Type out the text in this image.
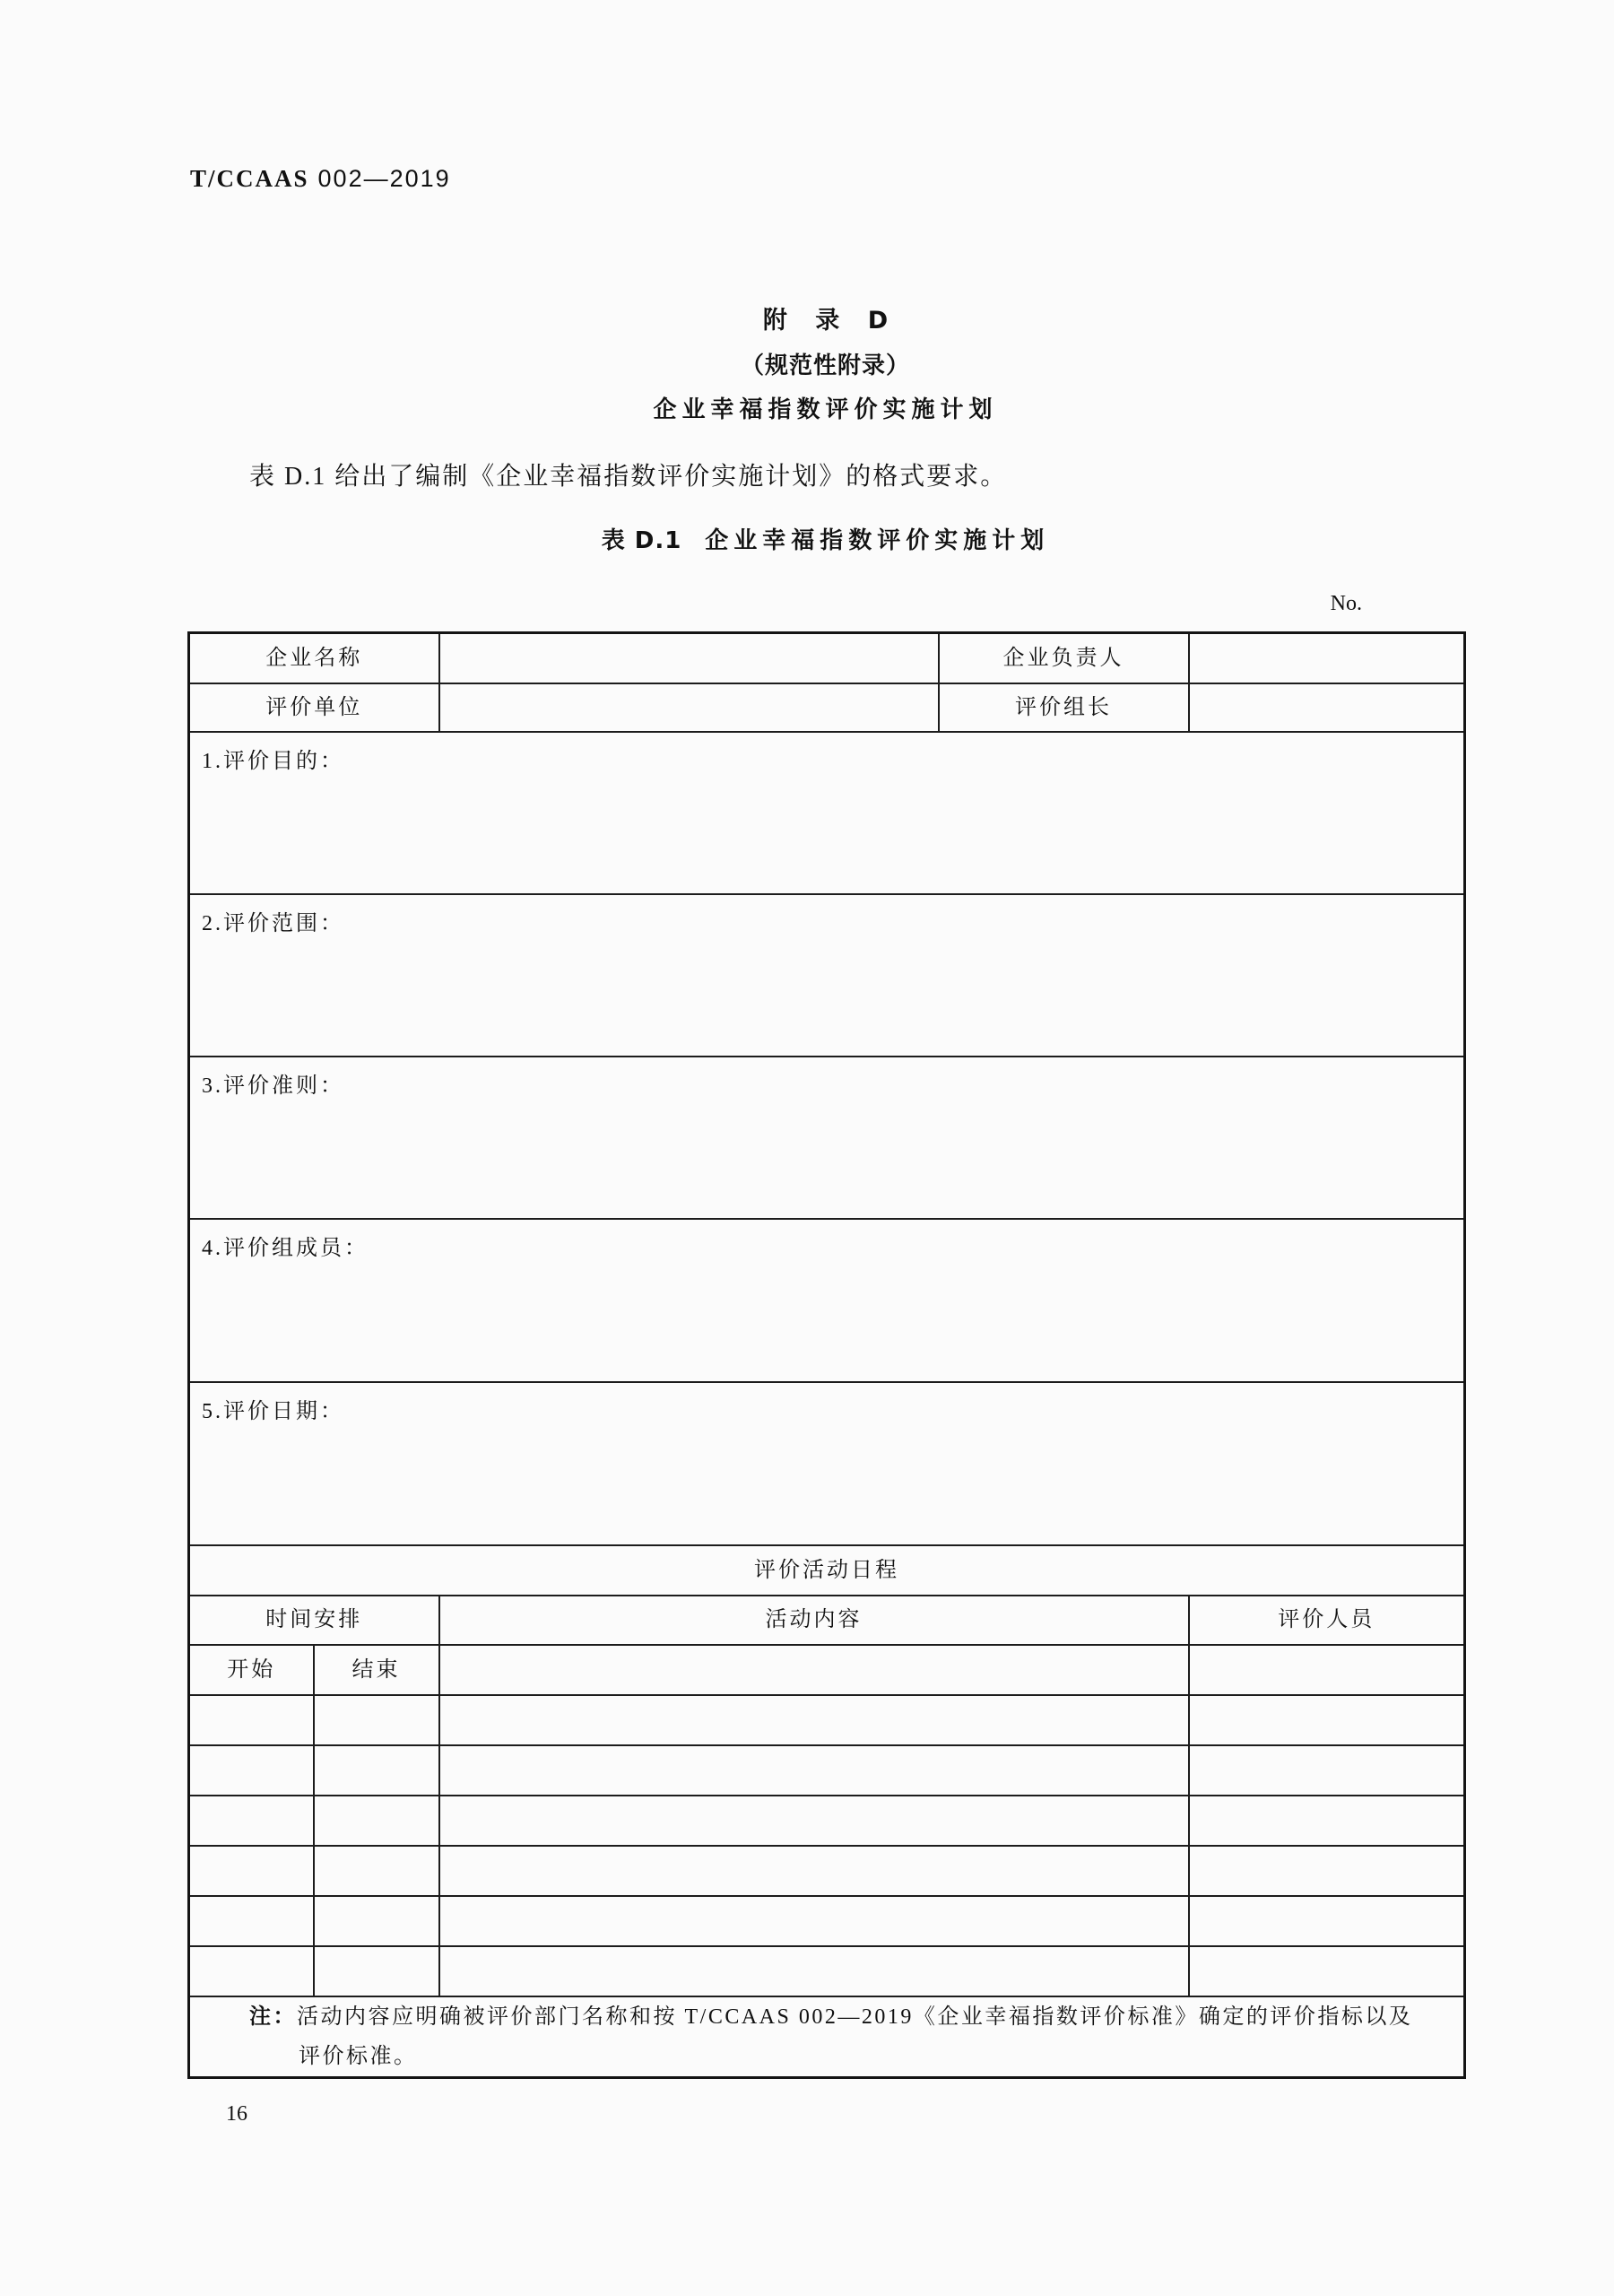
T/CCAAS 002—2019
附 录 D
（规范性附录）
企业幸福指数评价实施计划
表 D.1 给出了编制《企业幸福指数评价实施计划》的格式要求。
表 D.1 企业幸福指数评价实施计划
No.
企业名称			企业负责人	
评价单位			评价组长	

1.评价目的：				

2.评价范围：				

3.评价准则：				

4.评价组成员：				

5.评价日期：				

评价活动日程				
时间安排		活动内容		评价人员
开始	结束			

注：活动内容应明确被评价部门名称和按 T/CCAAS 002—2019《企业幸福指数评价标准》确定的评价指标以及
评价标准。				
16
